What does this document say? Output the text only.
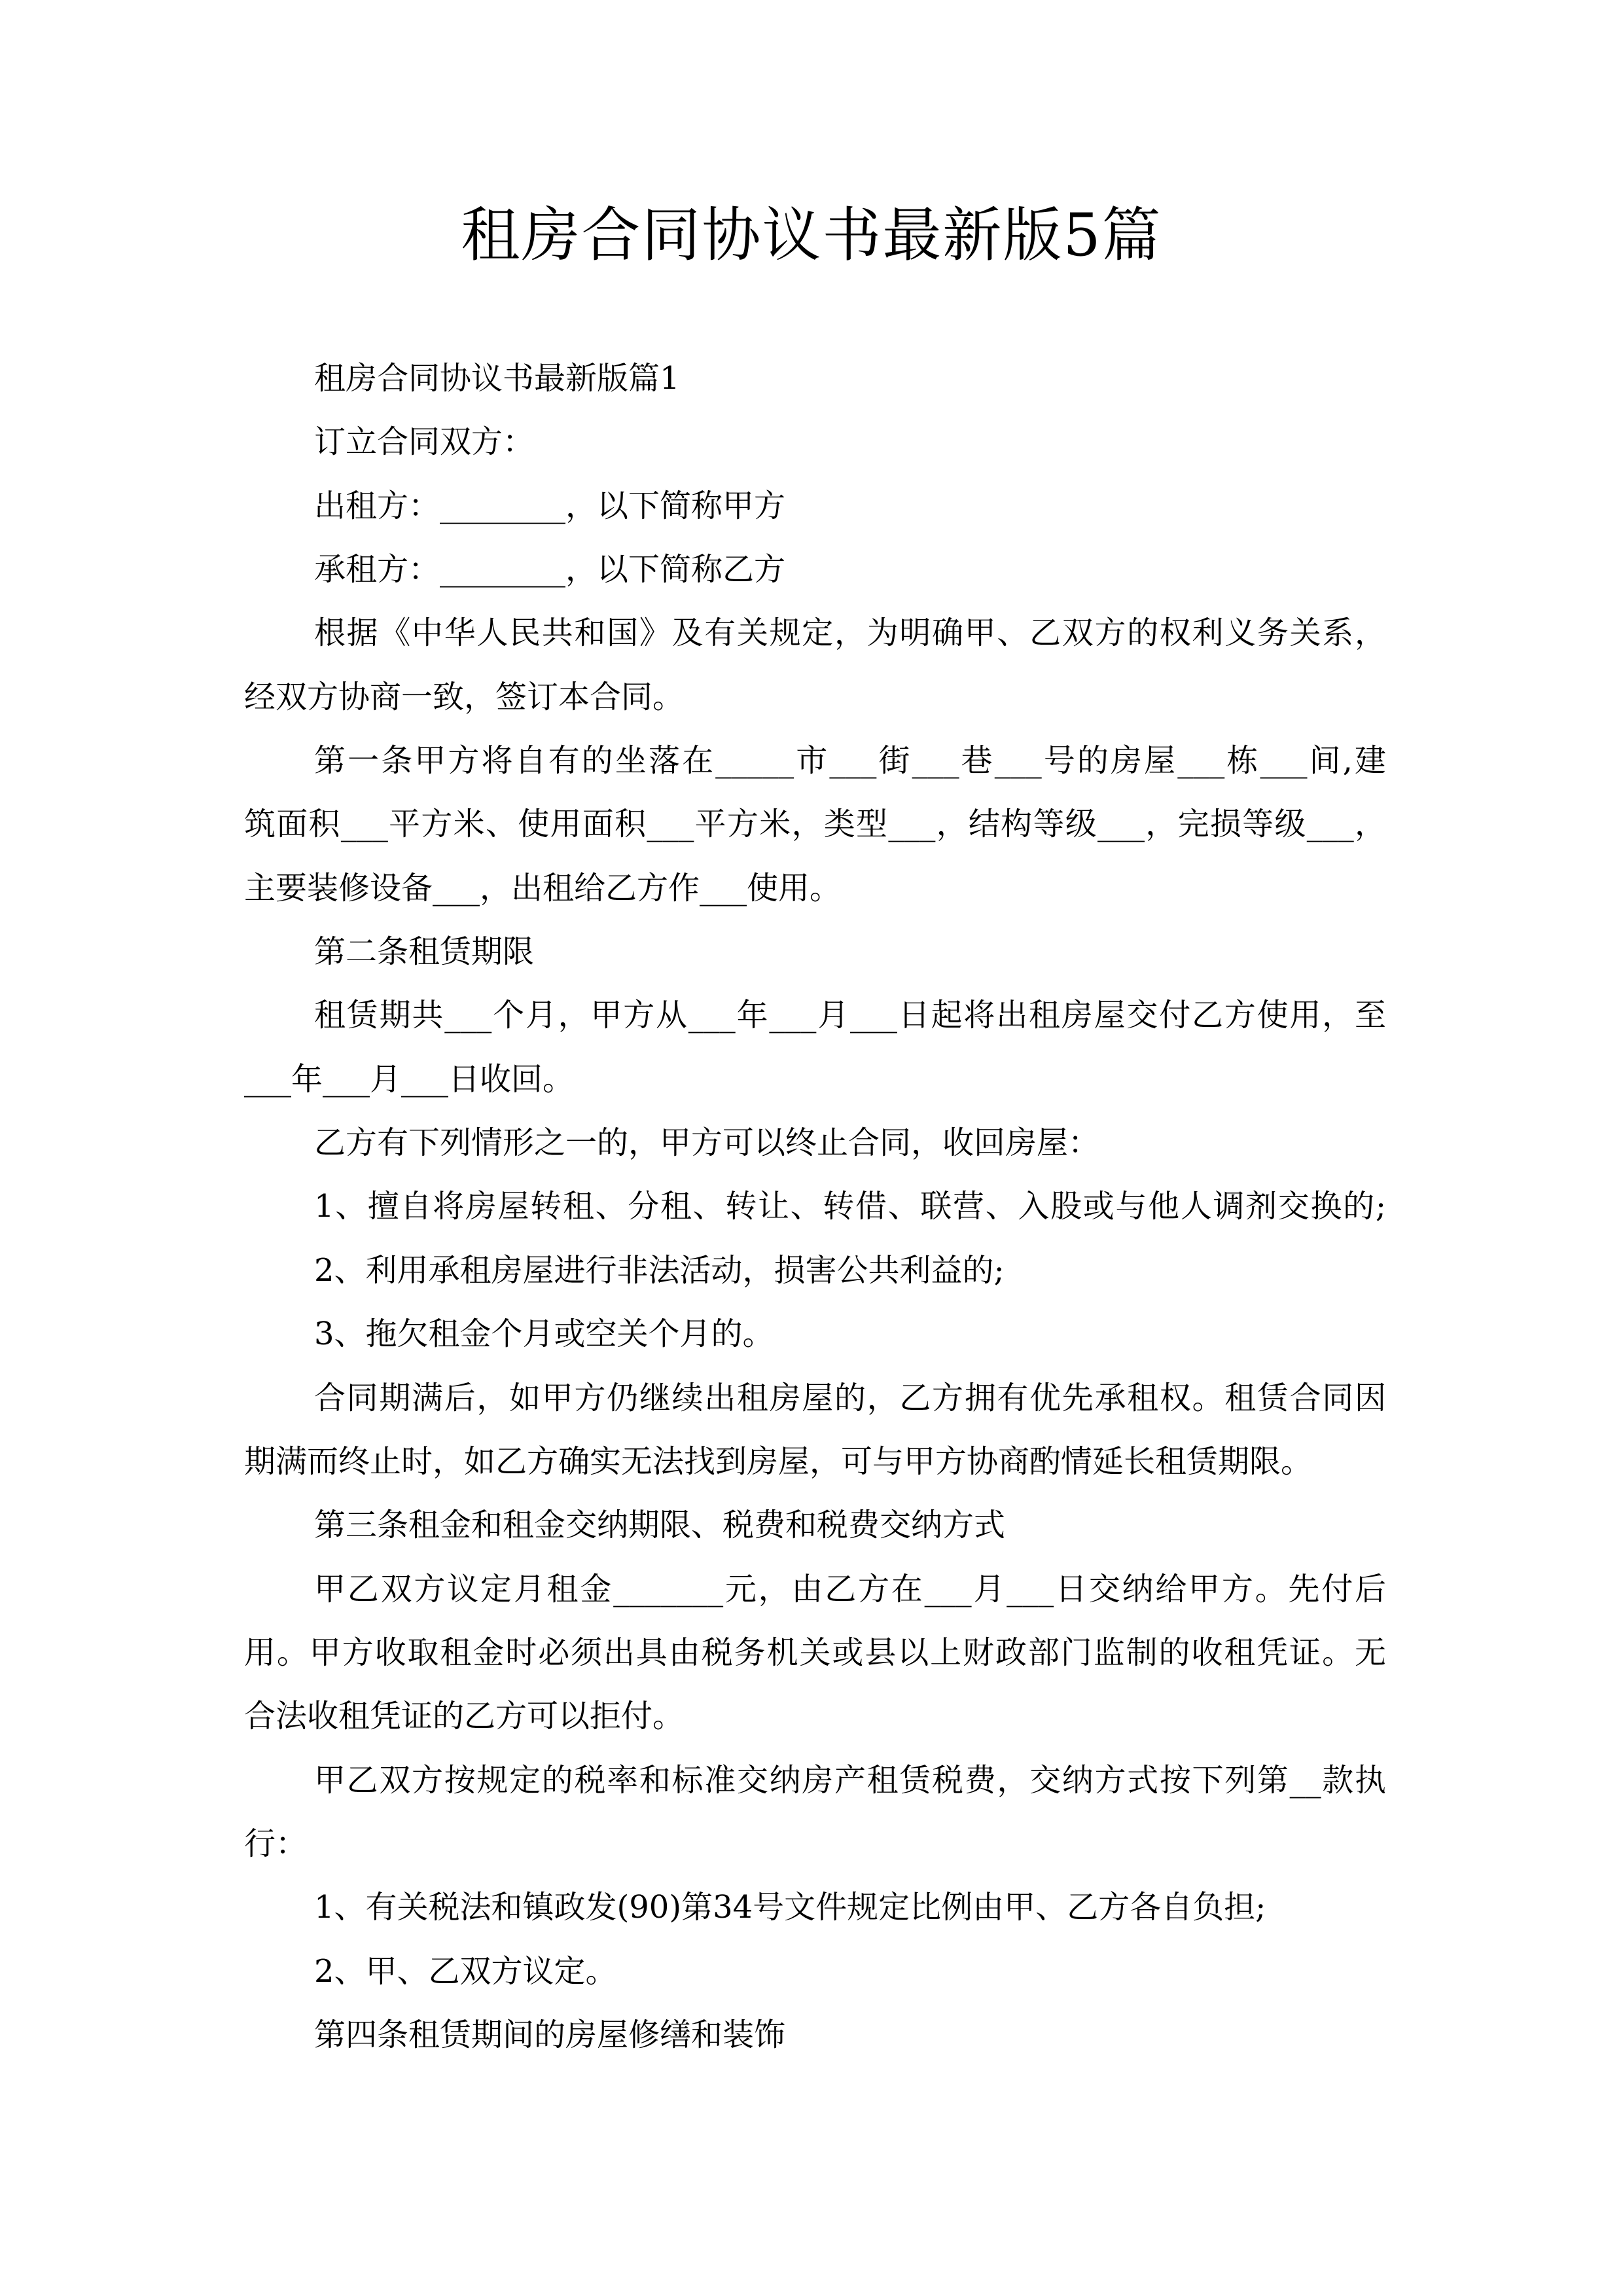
租房合同协议书最新版5篇
租房合同协议书最新版篇1
订立合同双方：
出租方：________，以下简称甲方
承租方：________，以下简称乙方
根据《中华人民共和国》及有关规定，为明确甲、乙双方的权利义务关系，
经双方协商一致，签订本合同。
第一条甲方将自有的坐落在_____市___街___巷___号的房屋___栋___间,建
筑面积___平方米、使用面积___平方米，类型___，结构等级___，完损等级___，
主要装修设备___，出租给乙方作___使用。
第二条租赁期限
租赁期共___个月，甲方从___年___月___日起将出租房屋交付乙方使用，至
___年___月___日收回。
乙方有下列情形之一的，甲方可以终止合同，收回房屋：
1、擅自将房屋转租、分租、转让、转借、联营、入股或与他人调剂交换的;
2、利用承租房屋进行非法活动，损害公共利益的;
3、拖欠租金个月或空关个月的。
合同期满后，如甲方仍继续出租房屋的，乙方拥有优先承租权。租赁合同因
期满而终止时，如乙方确实无法找到房屋，可与甲方协商酌情延长租赁期限。
第三条租金和租金交纳期限、税费和税费交纳方式
甲乙双方议定月租金_______元，由乙方在___月___日交纳给甲方。先付后
用。甲方收取租金时必须出具由税务机关或县以上财政部门监制的收租凭证。无
合法收租凭证的乙方可以拒付。
甲乙双方按规定的税率和标准交纳房产租赁税费，交纳方式按下列第__款执
行：
1、有关税法和镇政发(90)第34号文件规定比例由甲、乙方各自负担;
2、甲、乙双方议定。
第四条租赁期间的房屋修缮和装饰
